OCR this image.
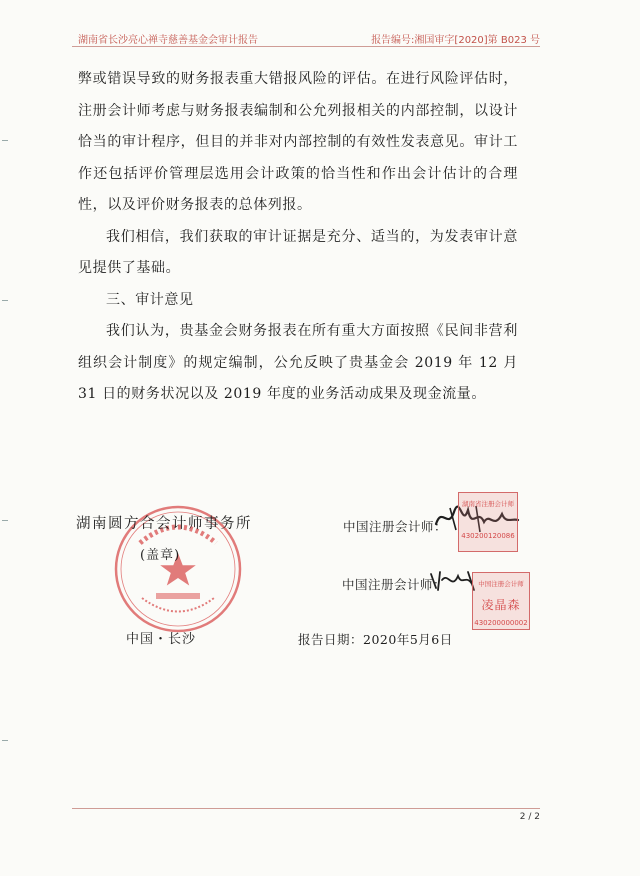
湖南省长沙亮心禅寺慈善基金会审计报告	报告编号:湘国审字[2020]第 B023 号

弊或错误导致的财务报表重大错报风险的评估。在进行风险评估时，注册会计师考虑与财务报表编制和公允列报相关的内部控制，以设计恰当的审计程序，但目的并非对内部控制的有效性发表意见。审计工作还包括评价管理层选用会计政策的恰当性和作出会计估计的合理性，以及评价财务报表的总体列报。

我们相信，我们获取的审计证据是充分、适当的，为发表审计意见提供了基础。

三、审计意见

我们认为，贵基金会财务报表在所有重大方面按照《民间非营利组织会计制度》的规定编制，公允反映了贵基金会 2019 年 12 月 31 日的财务状况以及 2019 年度的业务活动成果及现金流量。

湖南圆方合会计师事务所
(盖章)
中国・长沙
中国注册会计师：
湖南省注册会计师
430200120086
中国注册会计师：	中国注册会计师
凌晶森
430200000002
报告日期：2020年5月6日
2 / 2
